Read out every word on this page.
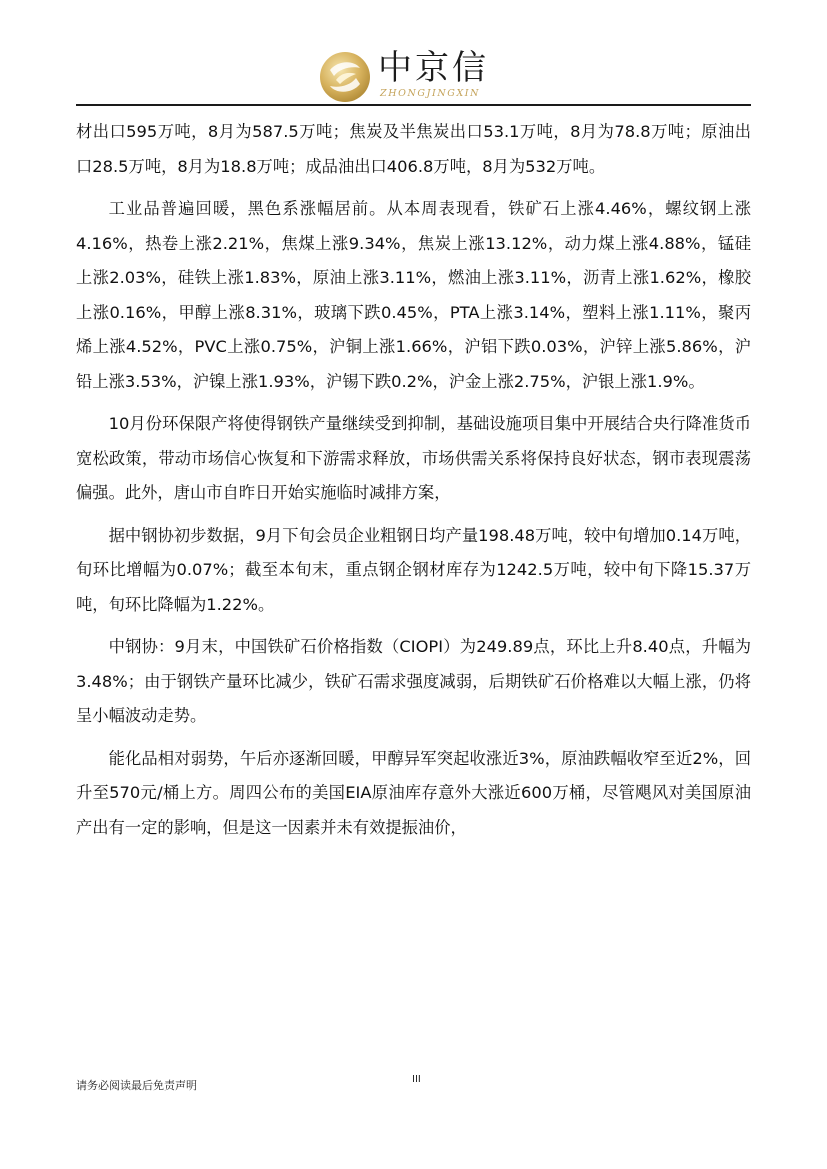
中京信
ZHONGJINGXIN

材出口595万吨，8月为587.5万吨；焦炭及半焦炭出口53.1万吨，8月为78.8万吨；原油出口28.5万吨，8月为18.8万吨；成品油出口406.8万吨，8月为532万吨。

工业品普遍回暖，黑色系涨幅居前。从本周表现看，铁矿石上涨4.46%，螺纹钢上涨4.16%，热卷上涨2.21%，焦煤上涨9.34%，焦炭上涨13.12%，动力煤上涨4.88%，锰硅上涨2.03%，硅铁上涨1.83%，原油上涨3.11%，燃油上涨3.11%，沥青上涨1.62%，橡胶上涨0.16%，甲醇上涨8.31%，玻璃下跌0.45%，PTA上涨3.14%，塑料上涨1.11%，聚丙烯上涨4.52%，PVC上涨0.75%，沪铜上涨1.66%，沪铝下跌0.03%，沪锌上涨5.86%，沪铅上涨3.53%，沪镍上涨1.93%，沪锡下跌0.2%，沪金上涨2.75%，沪银上涨1.9%。

10月份环保限产将使得钢铁产量继续受到抑制，基础设施项目集中开展结合央行降准货币宽松政策，带动市场信心恢复和下游需求释放，市场供需关系将保持良好状态，钢市表现震荡偏强。此外，唐山市自昨日开始实施临时减排方案，

据中钢协初步数据，9月下旬会员企业粗钢日均产量198.48万吨，较中旬增加0.14万吨，旬环比增幅为0.07%；截至本旬末，重点钢企钢材库存为1242.5万吨，较中旬下降15.37万吨，旬环比降幅为1.22%。

中钢协：9月末，中国铁矿石价格指数（CIOPI）为249.89点，环比上升8.40点，升幅为3.48%；由于钢铁产量环比减少，铁矿石需求强度减弱，后期铁矿石价格难以大幅上涨，仍将呈小幅波动走势。

能化品相对弱势，午后亦逐渐回暖，甲醇异军突起收涨近3%，原油跌幅收窄至近2%，回升至570元/桶上方。周四公布的美国EIA原油库存意外大涨近600万桶，尽管飓风对美国原油产出有一定的影响，但是这一因素并未有效提振油价，

请务必阅读最后免责声明	III
